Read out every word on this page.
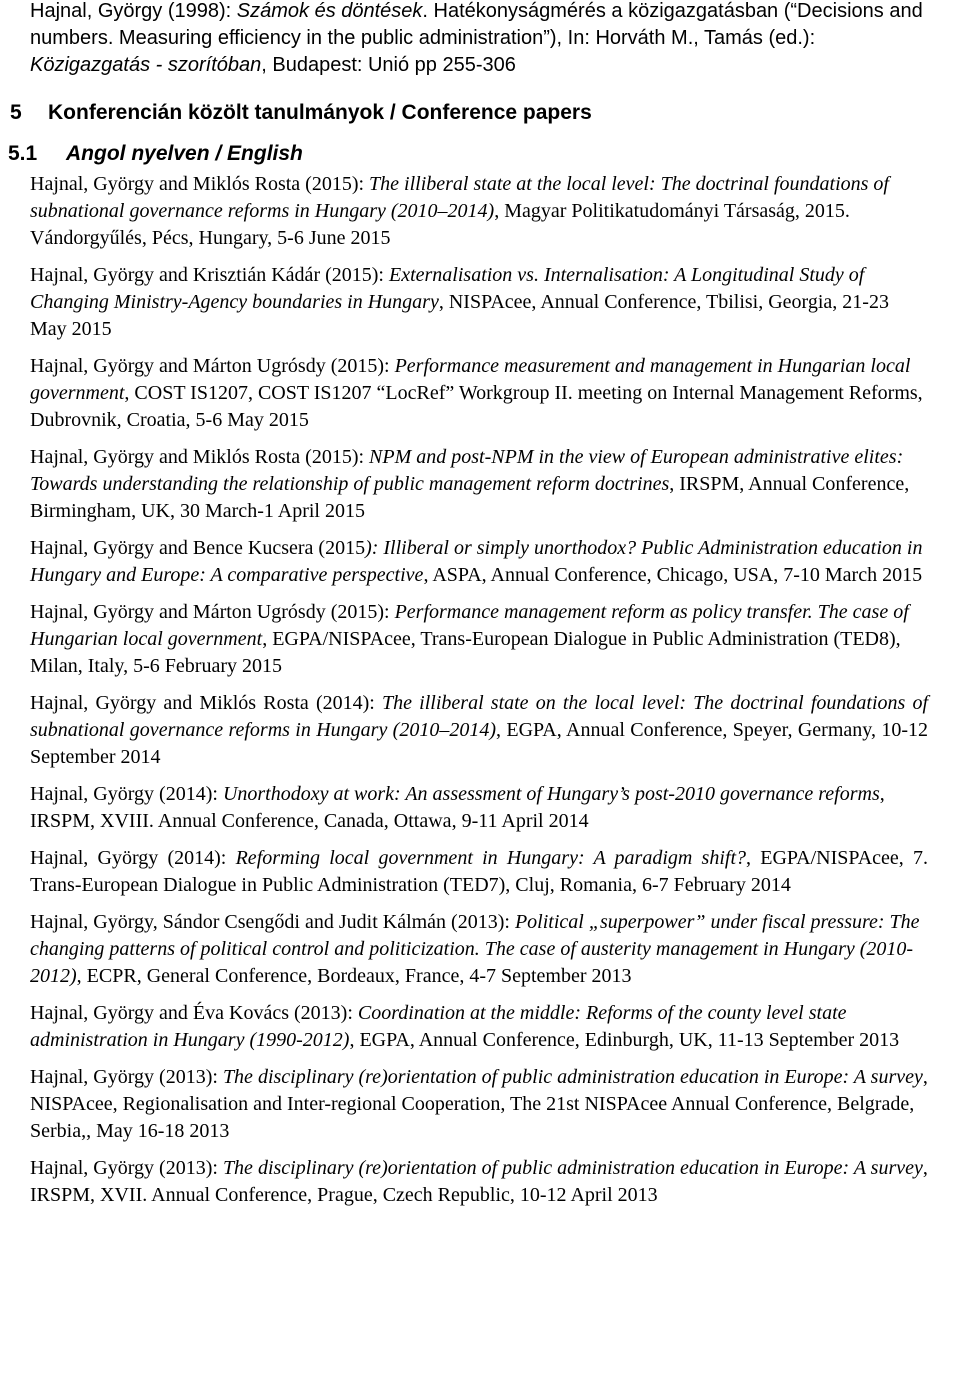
Hajnal, György (1998): Számok és döntések. Hatékonyságmérés a közigazgatásban (“Decisions and numbers. Measuring efficiency in the public administration”), In: Horváth M., Tamás (ed.): Közigazgatás - szorítóban, Budapest: Unió pp 255-306

5	Konferencián közölt tanulmányok / Conference papers
5.1	Angol nyelven / English

Hajnal, György and Miklós Rosta (2015): The illiberal state at the local level: The doctrinal foundations of subnational governance reforms in Hungary (2010–2014), Magyar Politikatudományi Társaság, 2015. Vándorgyűlés, Pécs, Hungary, 5-6 June 2015

Hajnal, György and Krisztián Kádár (2015): Externalisation vs. Internalisation: A Longitudinal Study of Changing Ministry-Agency boundaries in Hungary, NISPAcee, Annual Conference, Tbilisi, Georgia, 21-23 May 2015

Hajnal, György and Márton Ugrósdy (2015): Performance measurement and management in Hungarian local government, COST IS1207, COST IS1207 “LocRef” Workgroup II. meeting on Internal Management Reforms, Dubrovnik, Croatia, 5-6 May 2015

Hajnal, György and Miklós Rosta (2015): NPM and post-NPM in the view of European administrative elites: Towards understanding the relationship of public management reform doctrines, IRSPM, Annual Conference, Birmingham, UK, 30 March-1 April 2015

Hajnal, György and Bence Kucsera (2015): Illiberal or simply unorthodox? Public Administration education in Hungary and Europe: A comparative perspective, ASPA, Annual Conference, Chicago, USA, 7-10 March 2015

Hajnal, György and Márton Ugrósdy (2015): Performance management reform as policy transfer. The case of Hungarian local government, EGPA/NISPAcee, Trans-European Dialogue in Public Administration (TED8), Milan, Italy, 5-6 February 2015

Hajnal, György and Miklós Rosta (2014): The illiberal state on the local level: The doctrinal foundations of subnational governance reforms in Hungary (2010–2014), EGPA, Annual Conference, Speyer, Germany, 10-12 September 2014

Hajnal, György (2014): Unorthodoxy at work: An assessment of Hungary’s post-2010 governance reforms, IRSPM, XVIII. Annual Conference, Canada, Ottawa, 9-11 April 2014

Hajnal, György (2014): Reforming local government in Hungary: A paradigm shift?, EGPA/NISPAcee, 7. Trans-European Dialogue in Public Administration (TED7), Cluj, Romania, 6-7 February 2014

Hajnal, György, Sándor Csengődi and Judit Kálmán (2013): Political „superpower” under fiscal pressure: The changing patterns of political control and politicization. The case of austerity management in Hungary (2010-2012), ECPR, General Conference, Bordeaux, France, 4-7 September 2013

Hajnal, György and Éva Kovács (2013): Coordination at the middle: Reforms of the county level state administration in Hungary (1990-2012), EGPA, Annual Conference, Edinburgh, UK, 11-13 September 2013

Hajnal, György (2013): The disciplinary (re)orientation of public administration education in Europe: A survey, NISPAcee, Regionalisation and Inter-regional Cooperation, The 21st NISPAcee Annual Conference, Belgrade, Serbia,, May 16-18 2013

Hajnal, György (2013): The disciplinary (re)orientation of public administration education in Europe: A survey, IRSPM, XVII. Annual Conference, Prague, Czech Republic, 10-12 April 2013
